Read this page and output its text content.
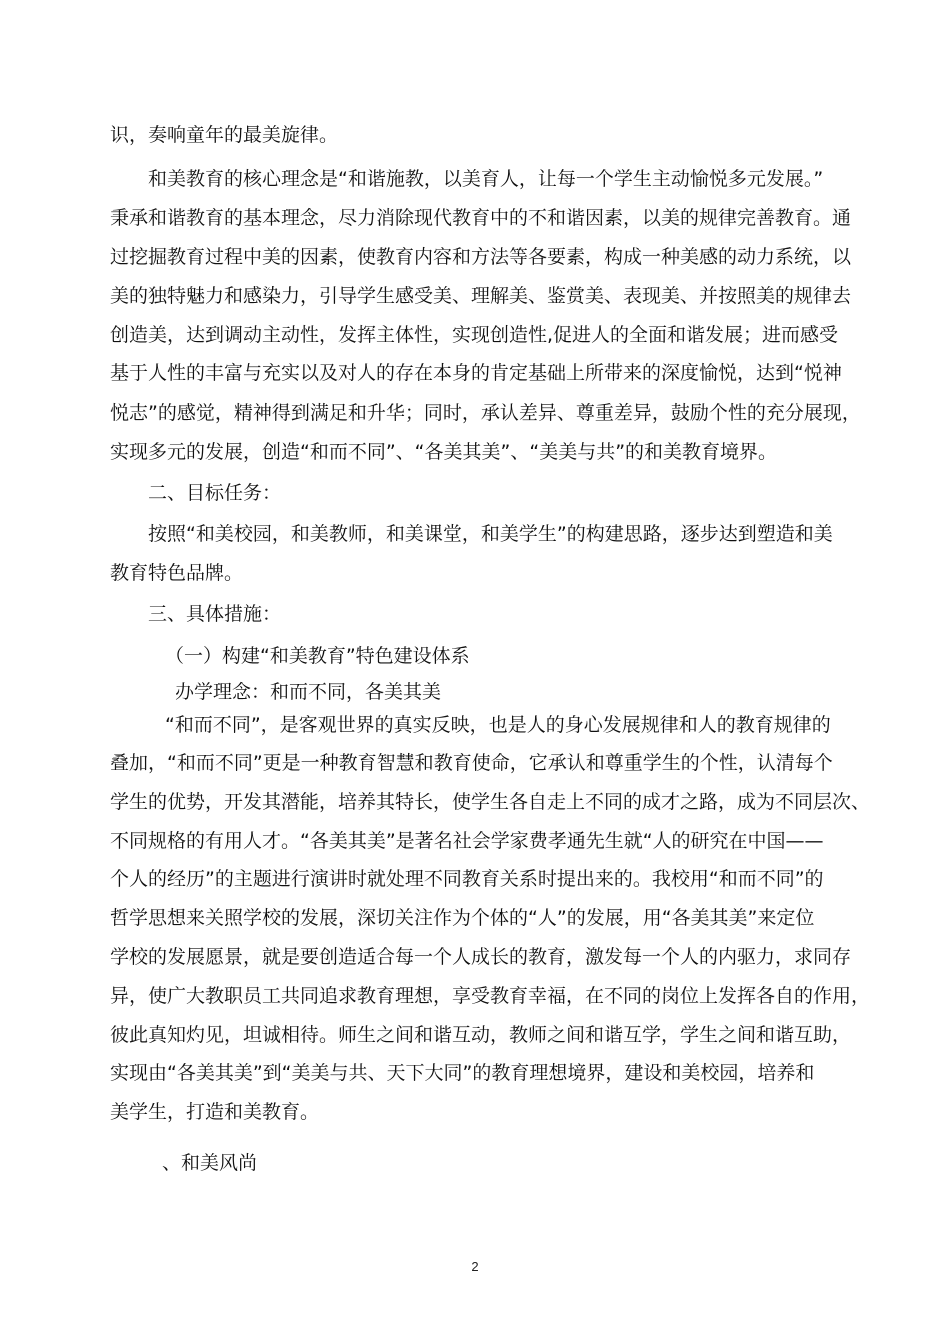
识，奏响童年的最美旋律。
和美教育的核心理念是“和谐施教，以美育人，让每一个学生主动愉悦多元发展。”
秉承和谐教育的基本理念，尽力消除现代教育中的不和谐因素，以美的规律完善教育。通
过挖掘教育过程中美的因素，使教育内容和方法等各要素，构成一种美感的动力系统，以
美的独特魅力和感染力，引导学生感受美、理解美、鉴赏美、表现美、并按照美的规律去
创造美，达到调动主动性，发挥主体性，实现创造性,促进人的全面和谐发展；进而感受
基于人性的丰富与充实以及对人的存在本身的肯定基础上所带来的深度愉悦，达到“悦神
悦志”的感觉，精神得到满足和升华；同时，承认差异、尊重差异，鼓励个性的充分展现，
实现多元的发展，创造“和而不同”、“各美其美”、“美美与共”的和美教育境界。
二、目标任务：
按照“和美校园，和美教师，和美课堂，和美学生”的构建思路，逐步达到塑造和美
教育特色品牌。
三、具体措施：
（一）构建“和美教育”特色建设体系
办学理念：和而不同，各美其美
“和而不同”，是客观世界的真实反映，也是人的身心发展规律和人的教育规律的
叠加，“和而不同”更是一种教育智慧和教育使命，它承认和尊重学生的个性，认清每个
学生的优势，开发其潜能，培养其特长，使学生各自走上不同的成才之路，成为不同层次、
不同规格的有用人才。“各美其美”是著名社会学家费孝通先生就“人的研究在中国——
个人的经历”的主题进行演讲时就处理不同教育关系时提出来的。我校用“和而不同”的
哲学思想来关照学校的发展，深切关注作为个体的“人”的发展，用“各美其美”来定位
学校的发展愿景，就是要创造适合每一个人成长的教育，激发每一个人的内驱力，求同存
异，使广大教职员工共同追求教育理想，享受教育幸福，在不同的岗位上发挥各自的作用，
彼此真知灼见，坦诚相待。师生之间和谐互动，教师之间和谐互学，学生之间和谐互助，
实现由“各美其美”到“美美与共、天下大同”的教育理想境界，建设和美校园，培养和
美学生，打造和美教育。
、和美风尚
2
